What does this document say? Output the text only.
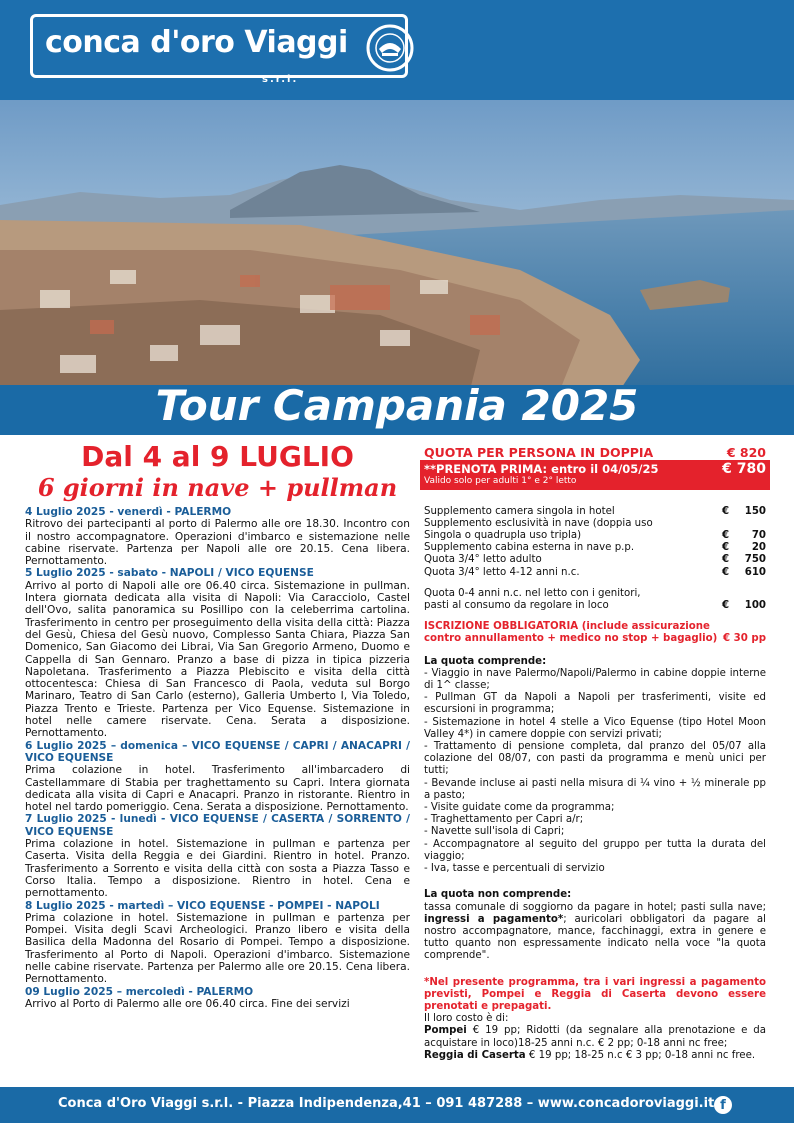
conca d'oro Viaggi
s.r.l.
Tour Campania 2025
Dal 4 al 9 LUGLIO
6 giorni in nave + pullman
4 Luglio 2025 - venerdì - PALERMO

Ritrovo dei partecipanti al porto di Palermo alle ore 18.30. Incontro con il nostro accompagnatore. Operazioni d'imbarco e sistemazione nelle cabine riservate. Partenza per Napoli alle ore 20.15. Cena libera. Pernottamento.

5 Luglio 2025 - sabato - NAPOLI / VICO EQUENSE

Arrivo al porto di Napoli alle ore 06.40 circa. Sistemazione in pullman. Intera giornata dedicata alla visita di Napoli: Via Caracciolo, Castel dell'Ovo, salita panoramica su Posillipo con la celeberrima cartolina. Trasferimento in centro per proseguimento della visita della città: Piazza del Gesù, Chiesa del Gesù nuovo, Complesso Santa Chiara, Piazza San Domenico, San Giacomo dei Librai, Via San Gregorio Armeno, Duomo e Cappella di San Gennaro. Pranzo a base di pizza in tipica pizzeria Napoletana. Trasferimento a Piazza Plebiscito e visita della città ottocentesca: Chiesa di San Francesco di Paola, veduta sul Borgo Marinaro, Teatro di San Carlo (esterno), Galleria Umberto I, Via Toledo, Piazza Trento e Trieste. Partenza per Vico Equense. Sistemazione in hotel nelle camere riservate. Cena. Serata a disposizione. Pernottamento.

6 Luglio 2025 – domenica – VICO EQUENSE / CAPRI / ANACAPRI / VICO EQUENSE

Prima colazione in hotel. Trasferimento all'imbarcadero di Castellammare di Stabia per traghettamento su Capri. Intera giornata dedicata alla visita di Capri e Anacapri. Pranzo in ristorante. Rientro in hotel nel tardo pomeriggio. Cena. Serata a disposizione. Pernottamento.

7 Luglio 2025 - lunedì - VICO EQUENSE / CASERTA / SORRENTO / VICO EQUENSE

Prima colazione in hotel. Sistemazione in pullman e partenza per Caserta. Visita della Reggia e dei Giardini. Rientro in hotel. Pranzo. Trasferimento a Sorrento e visita della città con sosta a Piazza Tasso e Corso Italia. Tempo a disposizione. Rientro in hotel. Cena e pernottamento.

8 Luglio 2025 - martedì – VICO EQUENSE - POMPEI - NAPOLI

Prima colazione in hotel. Sistemazione in pullman e partenza per Pompei. Visita degli Scavi Archeologici. Pranzo libero e visita della Basilica della Madonna del Rosario di Pompei. Tempo a disposizione. Trasferimento al Porto di Napoli. Operazioni d'imbarco. Sistemazione nelle cabine riservate. Partenza per Palermo alle ore 20.15. Cena libera. Pernottamento.

09 Luglio 2025 – mercoledì - PALERMO

Arrivo al Porto di Palermo alle ore 06.40 circa. Fine dei servizi

QUOTA PER PERSONA IN DOPPIA	€ 820
**PRENOTA PRIMA: entro il 04/05/25	€ 780
Valido solo per adulti 1° e 2° letto
Supplemento camera singola in hotel	€ 150
Supplemento esclusività in nave (doppia uso
Singola o quadrupla uso tripla)	€ 70
Supplemento cabina esterna in nave p.p.	€ 20
Quota 3/4° letto adulto	€ 750
Quota 3/4° letto 4-12 anni n.c.	€ 610
Quota 0-4 anni n.c. nel letto con i genitori,
pasti al consumo da regolare in loco	€ 100
ISCRIZIONE OBBLIGATORIA (include assicurazione
contro annullamento + medico no stop + bagaglio) € 30 pp
La quota comprende:
- Viaggio in nave Palermo/Napoli/Palermo in cabine doppie interne di 1^ classe;
- Pullman GT da Napoli a Napoli per trasferimenti, visite ed escursioni in programma;
- Sistemazione in hotel 4 stelle a Vico Equense (tipo Hotel Moon Valley 4*) in camere doppie con servizi privati;
- Trattamento di pensione completa, dal pranzo del 05/07 alla colazione del 08/07, con pasti da programma e menù unici per tutti;
- Bevande incluse ai pasti nella misura di ¼ vino + ½ minerale pp a pasto;
- Visite guidate come da programma;
- Traghettamento per Capri a/r;
- Navette sull'isola di Capri;
- Accompagnatore al seguito del gruppo per tutta la durata del viaggio;
- Iva, tasse e percentuali di servizio
La quota non comprende:
tassa comunale di soggiorno da pagare in hotel; pasti sulla nave; ingressi a pagamento*; auricolari obbligatori da pagare al nostro accompagnatore, mance, facchinaggi, extra in genere e tutto quanto non espressamente indicato nella voce "la quota comprende".
*Nel presente programma, tra i vari ingressi a pagamento previsti, Pompei e Reggia di Caserta devono essere prenotati e prepagati.
Il loro costo è di:
Pompei € 19 pp; Ridotti (da segnalare alla prenotazione e da acquistare in loco)18-25 anni n.c. € 2 pp; 0-18 anni nc free;
Reggia di Caserta € 19 pp; 18-25 n.c € 3 pp; 0-18 anni nc free.
Conca d'Oro Viaggi s.r.l. - Piazza Indipendenza,41 – 091 487288 – www.concadoroviaggi.it f
